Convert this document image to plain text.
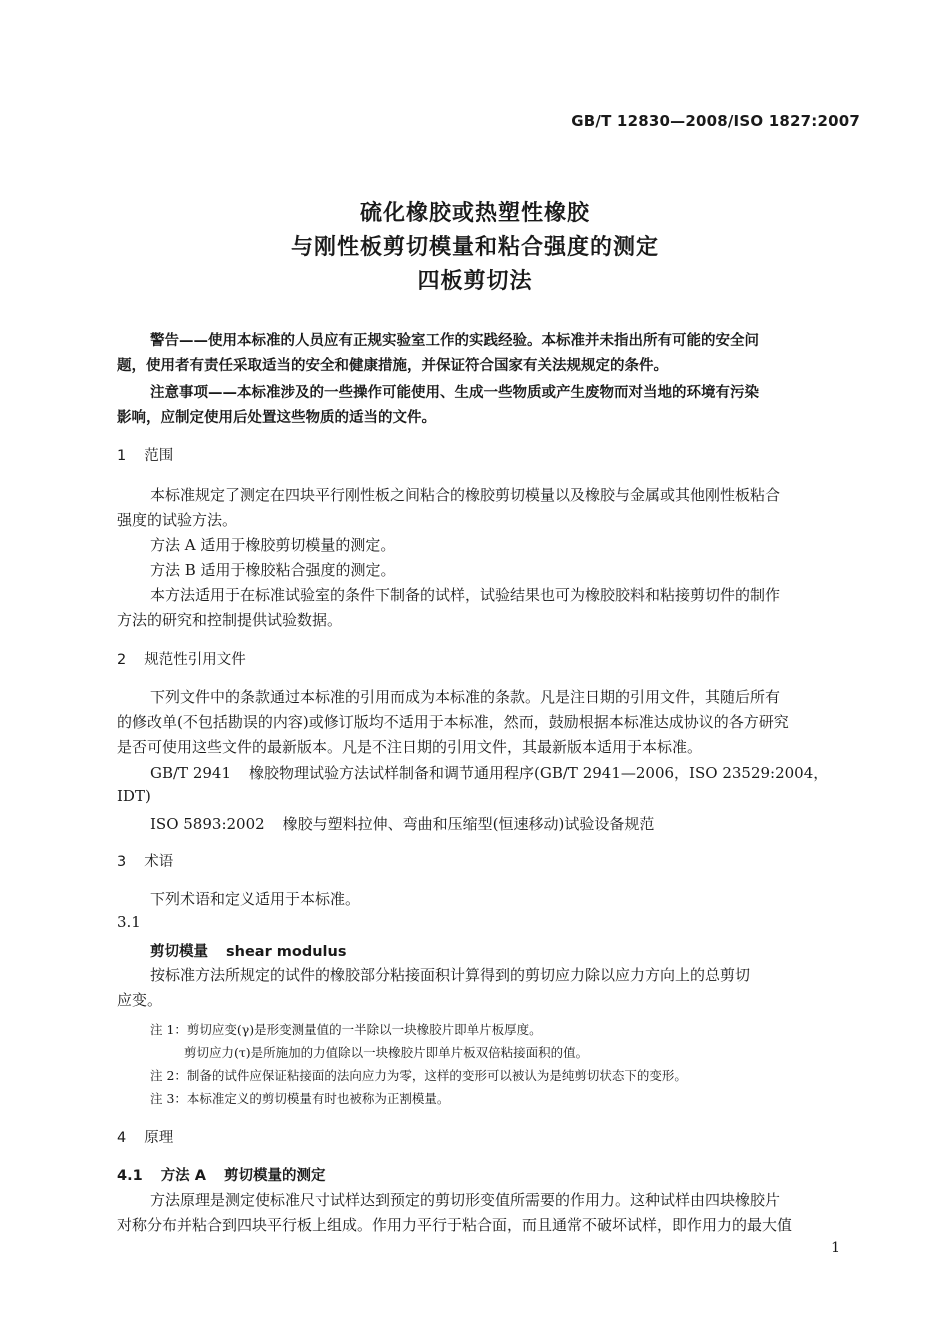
GB/T 12830—2008/ISO 1827:2007
硫化橡胶或热塑性橡胶
与刚性板剪切模量和粘合强度的测定
四板剪切法
警告——使用本标准的人员应有正规实验室工作的实践经验。本标准并未指出所有可能的安全问
题，使用者有责任采取适当的安全和健康措施，并保证符合国家有关法规规定的条件。
注意事项——本标准涉及的一些操作可能使用、生成一些物质或产生废物而对当地的环境有污染
影响，应制定使用后处置这些物质的适当的文件。
1 范围
本标准规定了测定在四块平行刚性板之间粘合的橡胶剪切模量以及橡胶与金属或其他刚性板粘合
强度的试验方法。
方法 A 适用于橡胶剪切模量的测定。
方法 B 适用于橡胶粘合强度的测定。
本方法适用于在标准试验室的条件下制备的试样，试验结果也可为橡胶胶料和粘接剪切件的制作
方法的研究和控制提供试验数据。
2 规范性引用文件
下列文件中的条款通过本标准的引用而成为本标准的条款。凡是注日期的引用文件，其随后所有
的修改单(不包括勘误的内容)或修订版均不适用于本标准，然而，鼓励根据本标准达成协议的各方研究
是否可使用这些文件的最新版本。凡是不注日期的引用文件，其最新版本适用于本标准。
GB/T 2941 橡胶物理试验方法试样制备和调节通用程序(GB/T 2941—2006，ISO 23529:2004，
IDT)
ISO 5893:2002 橡胶与塑料拉伸、弯曲和压缩型(恒速移动)试验设备规范
3 术语
下列术语和定义适用于本标准。
3.1
剪切模量 shear modulus
按标准方法所规定的试件的橡胶部分粘接面积计算得到的剪切应力除以应力方向上的总剪切
应变。
注 1：剪切应变(γ)是形变测量值的一半除以一块橡胶片即单片板厚度。
剪切应力(τ)是所施加的力值除以一块橡胶片即单片板双倍粘接面积的值。
注 2：制备的试件应保证粘接面的法向应力为零，这样的变形可以被认为是纯剪切状态下的变形。
注 3：本标准定义的剪切模量有时也被称为正割模量。
4 原理
4.1 方法 A 剪切模量的测定
方法原理是测定使标准尺寸试样达到预定的剪切形变值所需要的作用力。这种试样由四块橡胶片
对称分布并粘合到四块平行板上组成。作用力平行于粘合面，而且通常不破坏试样，即作用力的最大值
1
